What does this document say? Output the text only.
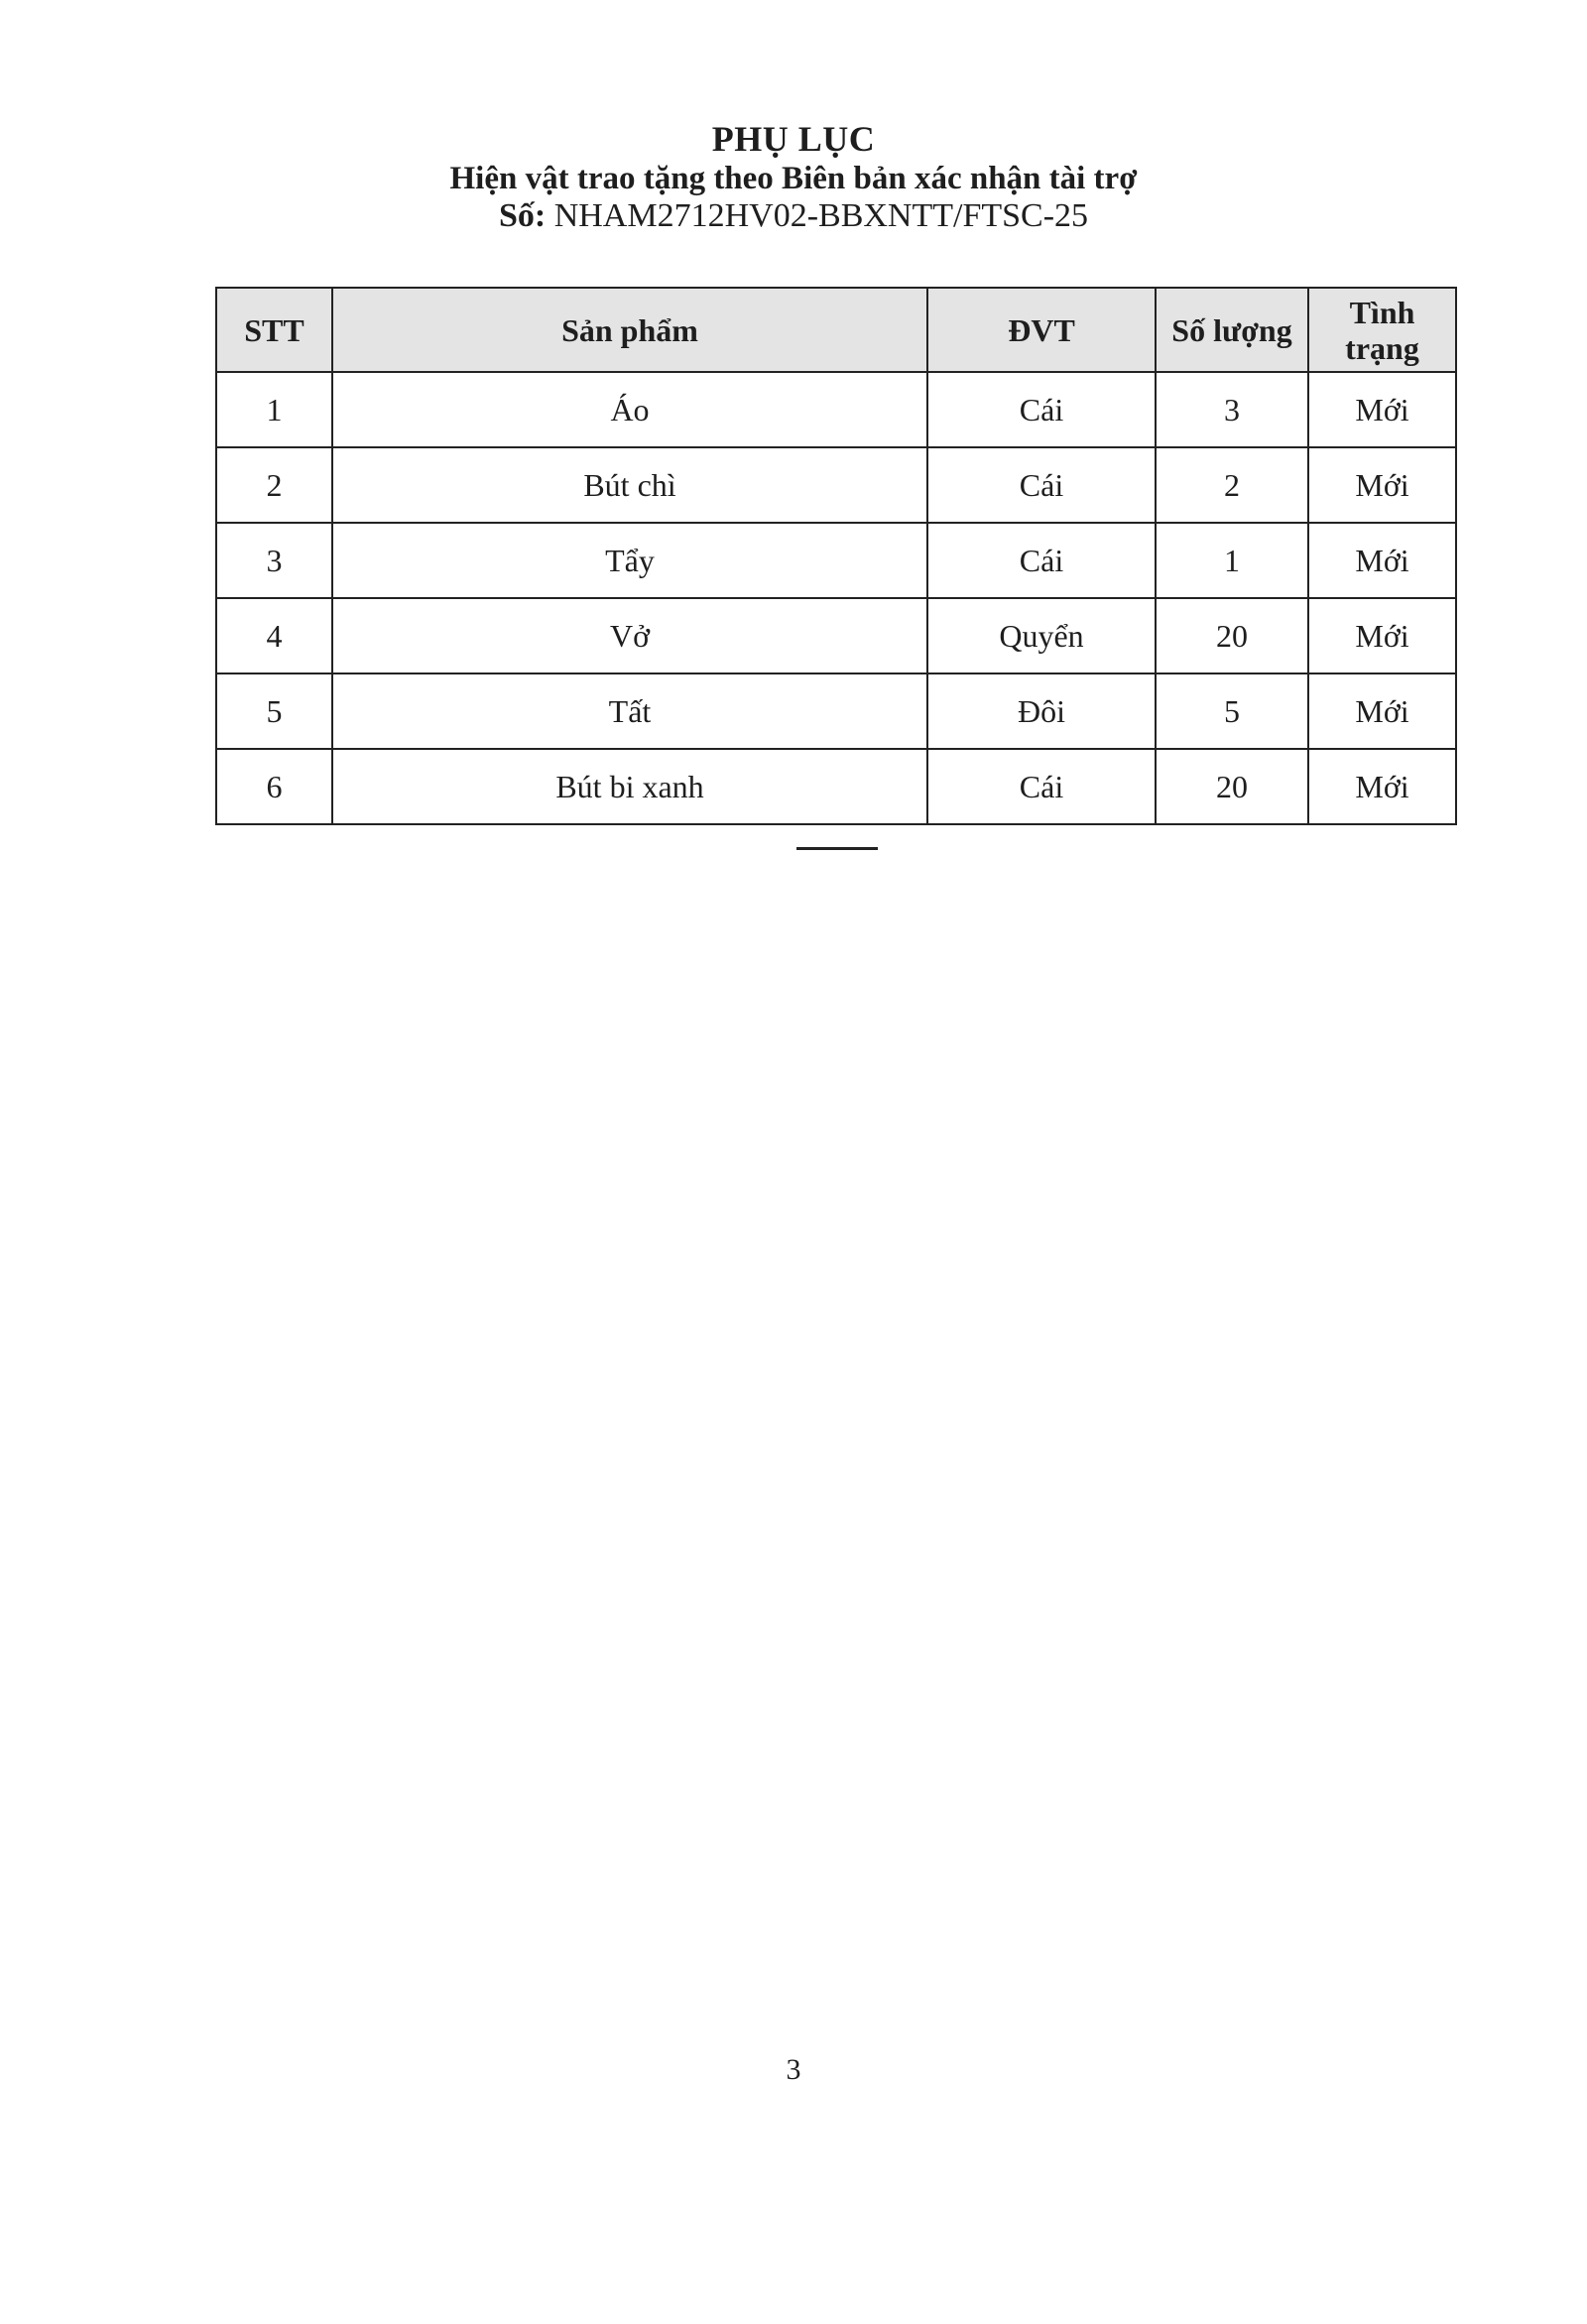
PHỤ LỤC
Hiện vật trao tặng theo Biên bản xác nhận tài trợ
Số: NHAM2712HV02-BBXNTT/FTSC-25
STT	Sản phẩm	ĐVT	Số lượng	Tình trạng
1	Áo	Cái	3	Mới
2	Bút chì	Cái	2	Mới
3	Tẩy	Cái	1	Mới
4	Vở	Quyển	20	Mới
5	Tất	Đôi	5	Mới
6	Bút bi xanh	Cái	20	Mới
3
